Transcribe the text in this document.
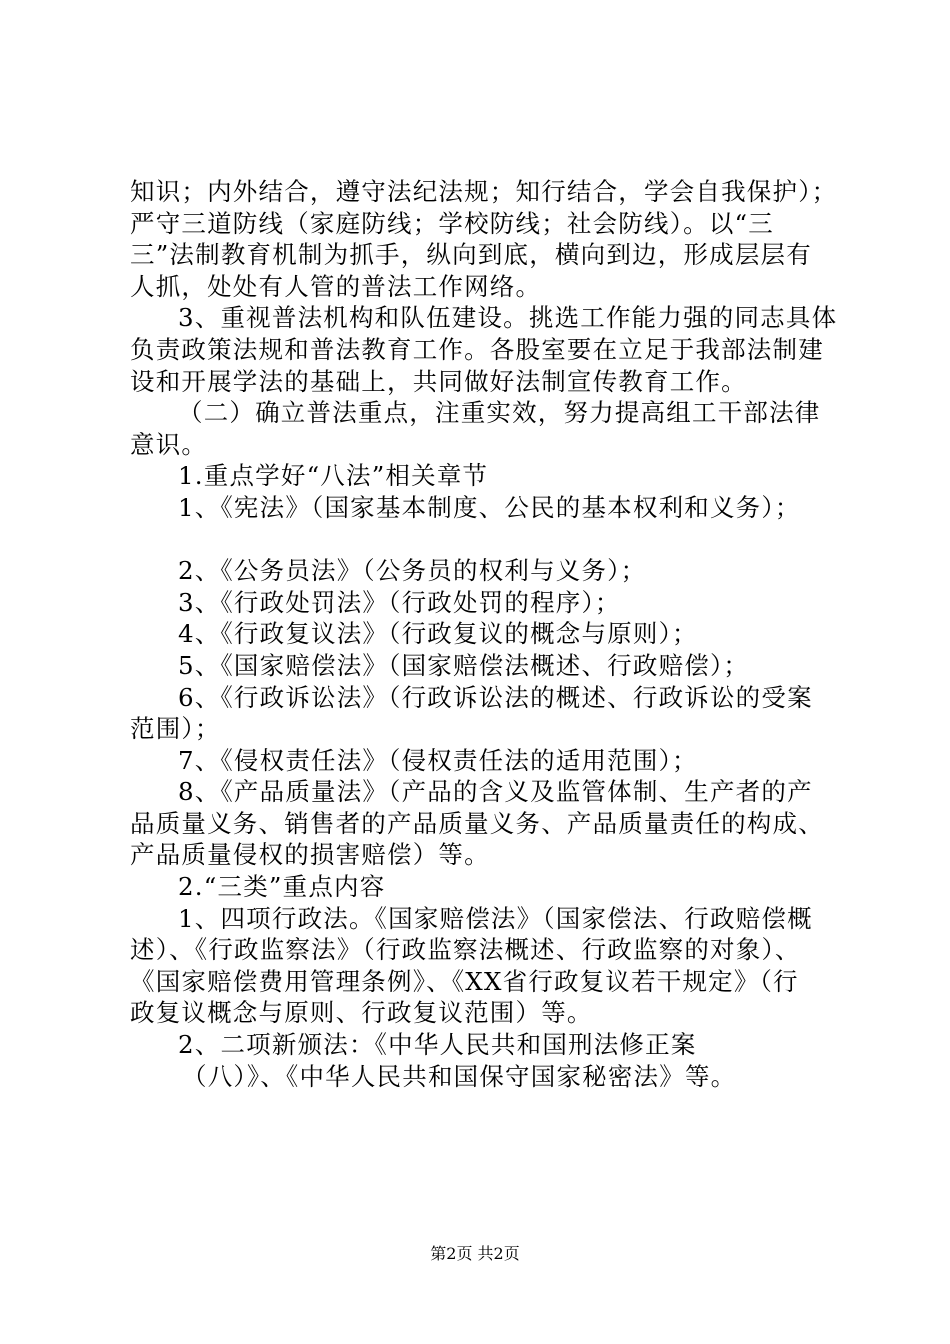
知识；内外结合，遵守法纪法规；知行结合，学会自我保护）；
严守三道防线（家庭防线；学校防线；社会防线）。以“三
三”法制教育机制为抓手，纵向到底，横向到边，形成层层有
人抓，处处有人管的普法工作网络。
3、重视普法机构和队伍建设。挑选工作能力强的同志具体
负责政策法规和普法教育工作。各股室要在立足于我部法制建
设和开展学法的基础上，共同做好法制宣传教育工作。
（二）确立普法重点，注重实效，努力提高组工干部法律
意识。
1.重点学好“八法”相关章节
1、《宪法》（国家基本制度、公民的基本权利和义务）；
2、《公务员法》（公务员的权利与义务）；
3、《行政处罚法》（行政处罚的程序）；
4、《行政复议法》（行政复议的概念与原则）；
5、《国家赔偿法》（国家赔偿法概述、行政赔偿）；
6、《行政诉讼法》（行政诉讼法的概述、行政诉讼的受案
范围）；
7、《侵权责任法》（侵权责任法的适用范围）；
8、《产品质量法》（产品的含义及监管体制、生产者的产
品质量义务、销售者的产品质量义务、产品质量责任的构成、
产品质量侵权的损害赔偿）等。
2.“三类”重点内容
1、四项行政法。《国家赔偿法》（国家偿法、行政赔偿概
述）、《行政监察法》（行政监察法概述、行政监察的对象）、
《国家赔偿费用管理条例》、《XX省行政复议若干规定》（行
政复议概念与原则、行政复议范围）等。
2、二项新颁法：《中华人民共和国刑法修正案
（八）》、《中华人民共和国保守国家秘密法》等。
第2页 共2页
